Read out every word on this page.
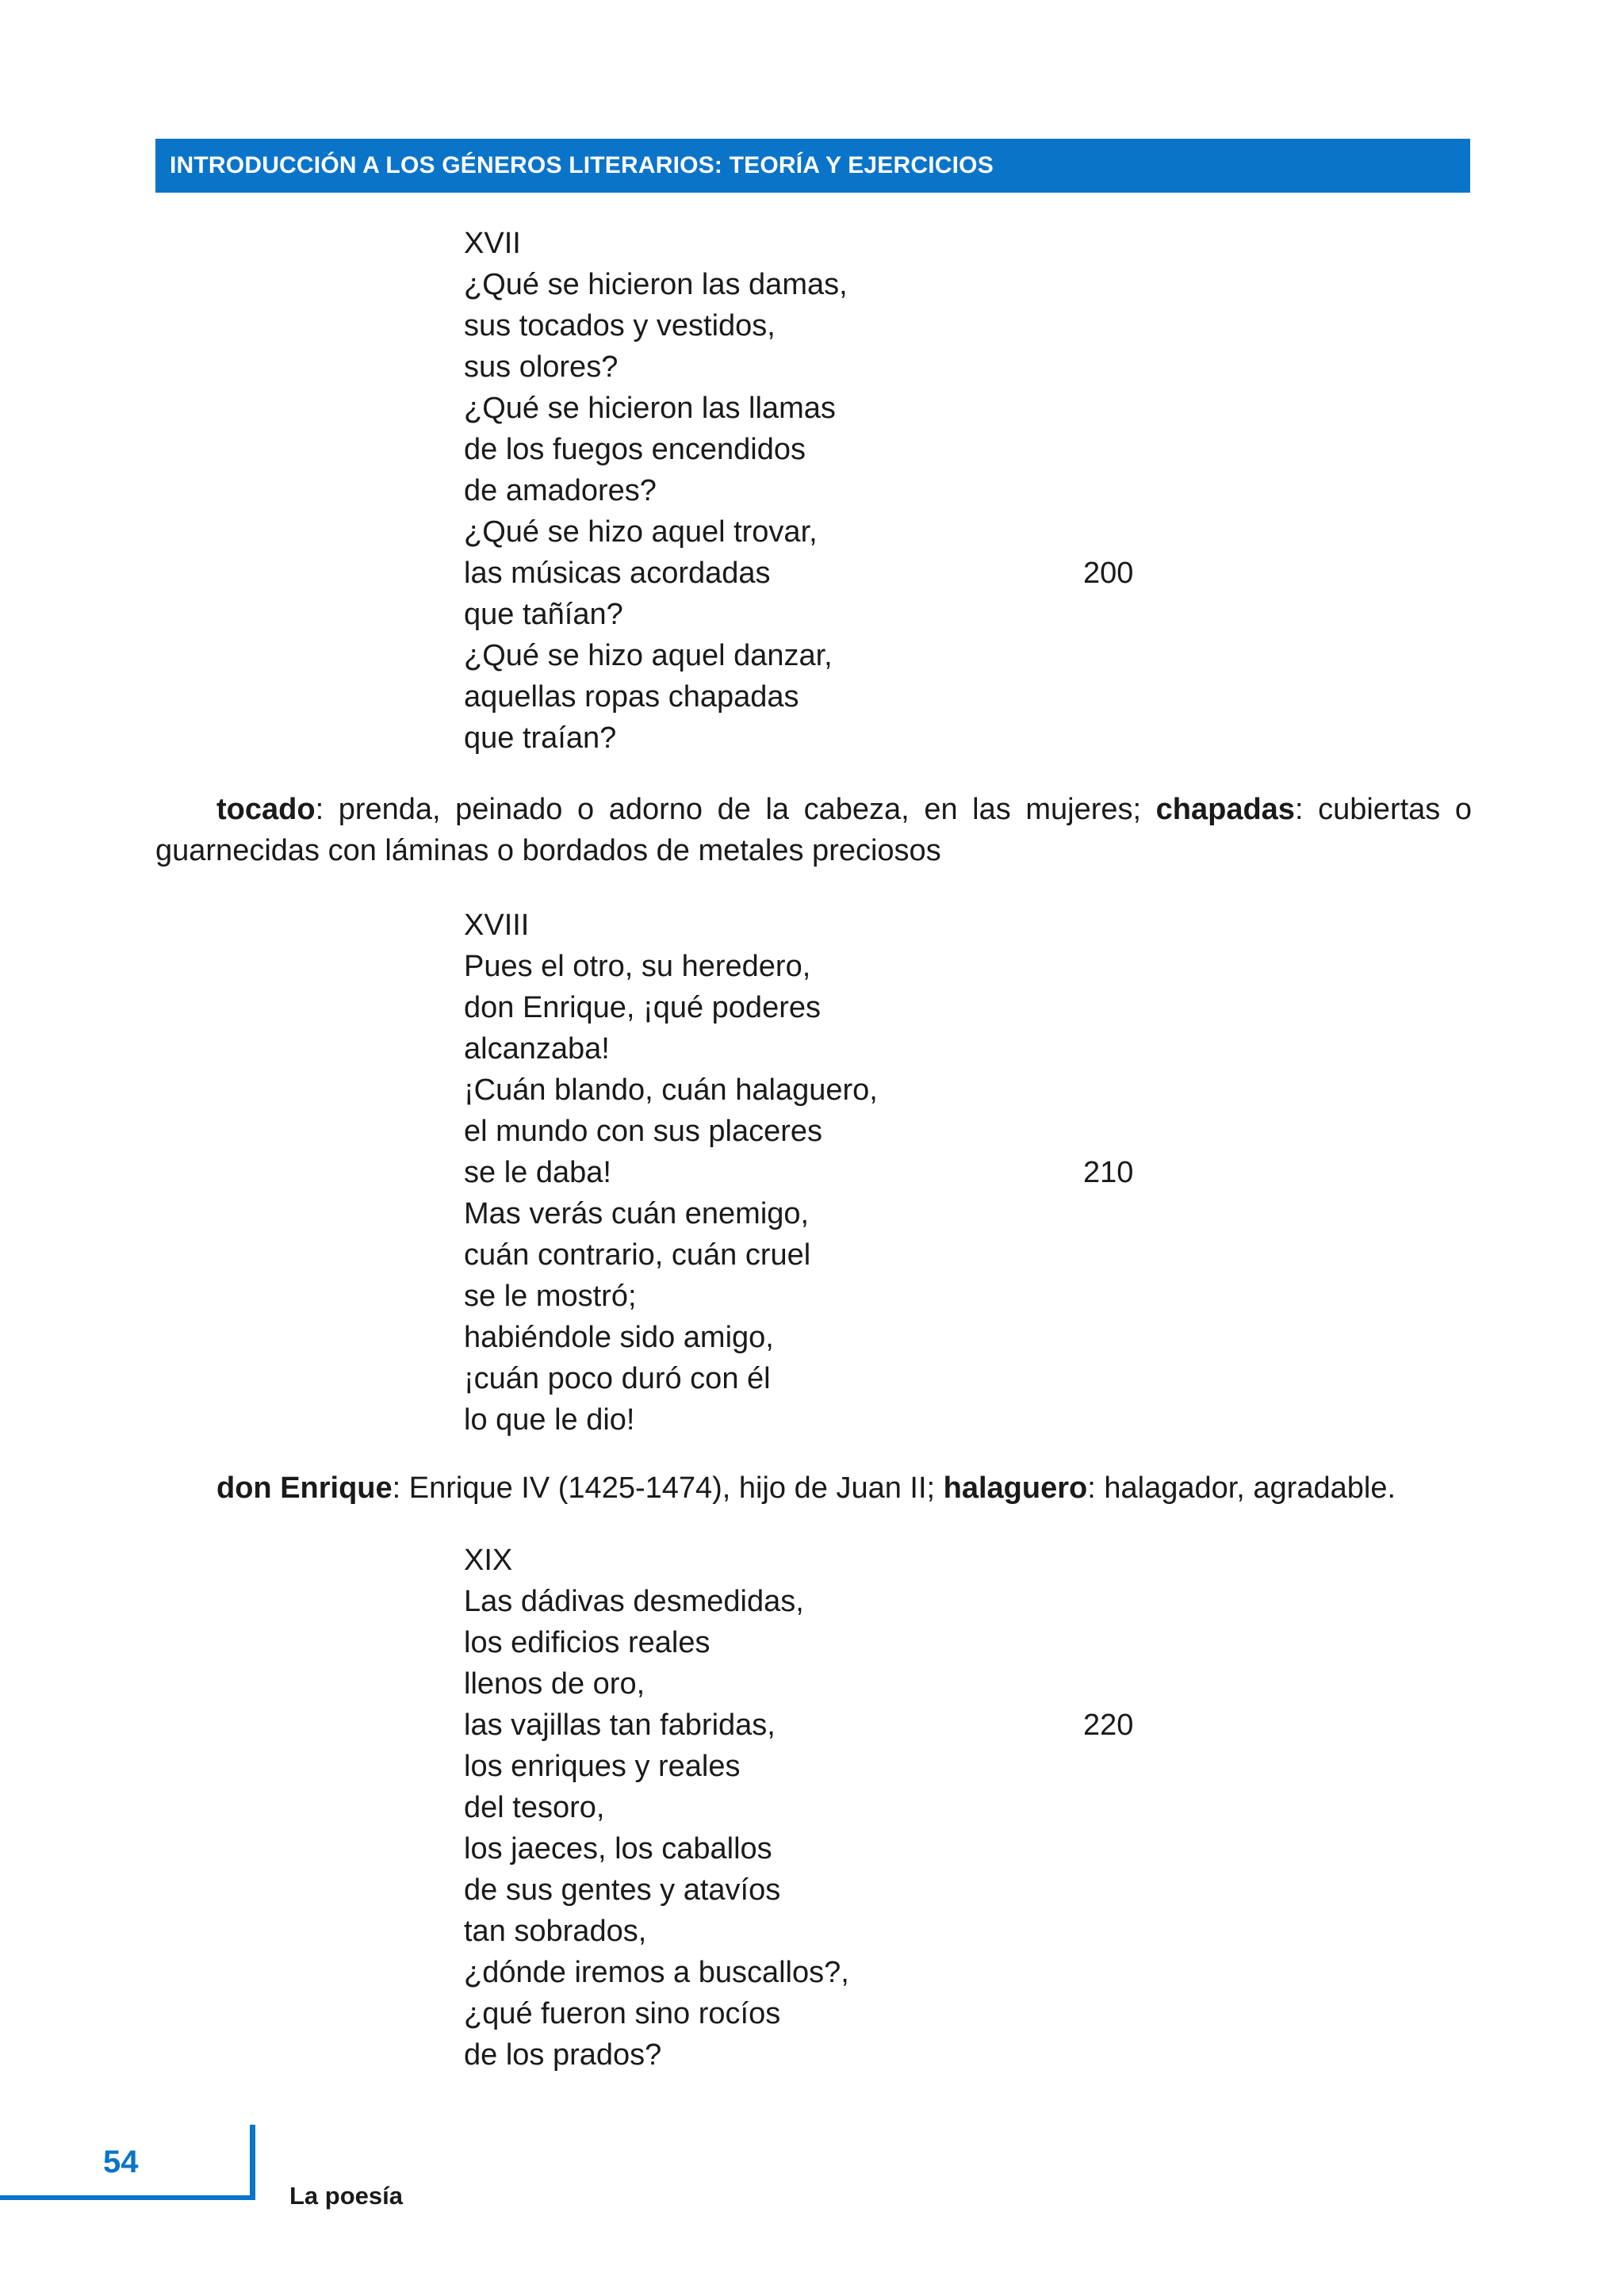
INTRODUCCIÓN A LOS GÉNEROS LITERARIOS: TEORÍA Y EJERCICIOS
XVII
¿Qué se hicieron las damas,
sus tocados y vestidos,
sus olores?
¿Qué se hicieron las llamas
de los fuegos encendidos
de amadores?
¿Qué se hizo aquel trovar,
las músicas acordadas
que tañían?
¿Qué se hizo aquel danzar,
aquellas ropas chapadas
que traían?
200
tocado: prenda, peinado o adorno de la cabeza, en las mujeres; chapadas: cubiertas o guarnecidas con láminas o bordados de metales preciosos
XVIII
Pues el otro, su heredero,
don Enrique, ¡qué poderes
alcanzaba!
¡Cuán blando, cuán halaguero,
el mundo con sus placeres
se le daba!
Mas verás cuán enemigo,
cuán contrario, cuán cruel
se le mostró;
habiéndole sido amigo,
¡cuán poco duró con él
lo que le dio!
210
don Enrique: Enrique IV (1425-1474), hijo de Juan II; halaguero: halagador, agradable.
XIX
Las dádivas desmedidas,
los edificios reales
llenos de oro,
las vajillas tan fabridas,
los enriques y reales
del tesoro,
los jaeces, los caballos
de sus gentes y atavíos
tan sobrados,
¿dónde iremos a buscallos?,
¿qué fueron sino rocíos
de los prados?
220
54
La poesía
